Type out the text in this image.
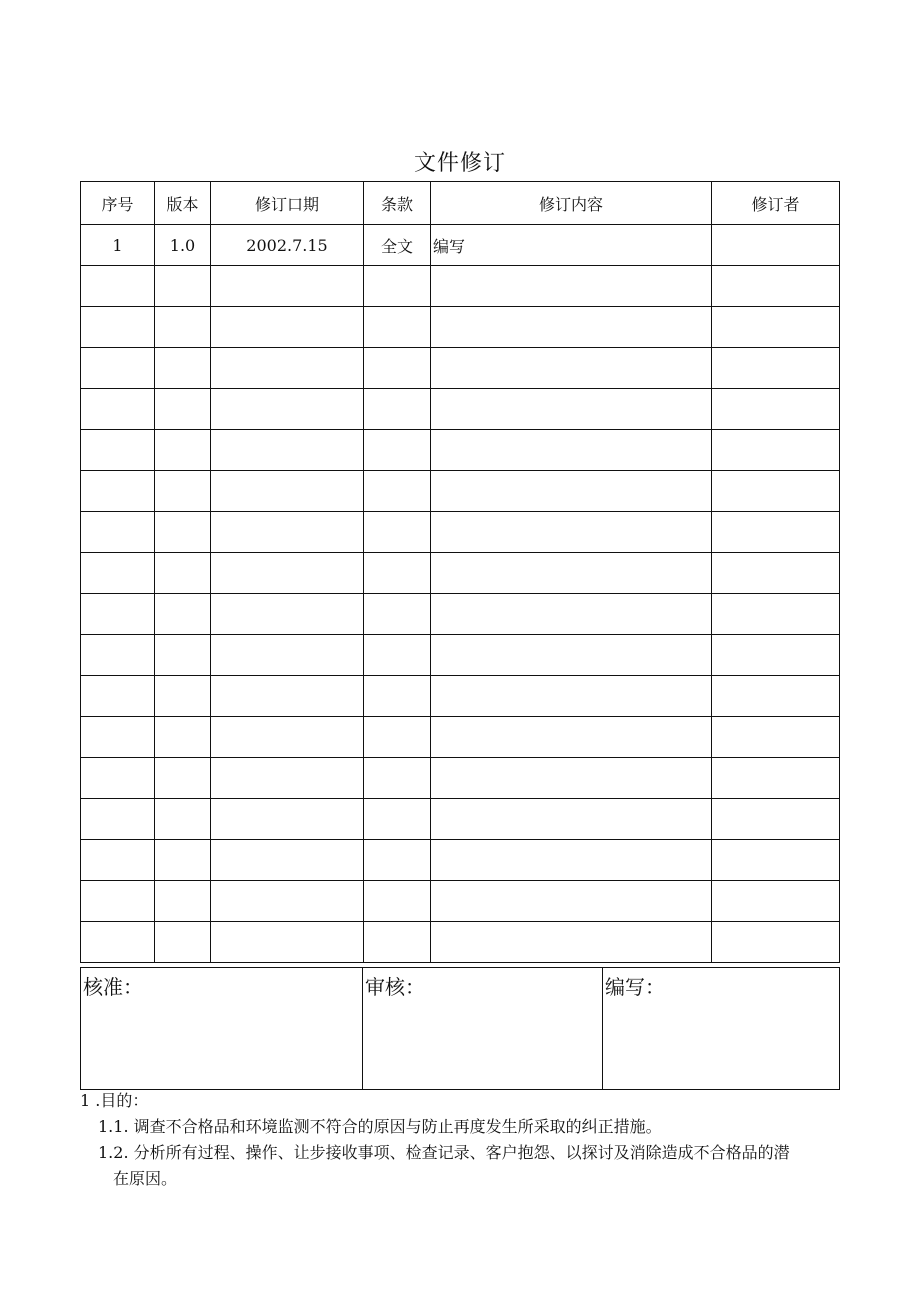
文件修订
序号	版本	修订口期	条款	修订内容	修订者
1	1.0	2002.7.15	全文	编写	

核准：	审核：	编写：
1 .目的：
1.1. 调查不合格品和环境监测不符合的原因与防止再度发生所采取的纠正措施。
1.2. 分析所有过程、操作、让步接收事项、检查记录、客户抱怨、以探讨及消除造成不合格品的潜
在原因。
